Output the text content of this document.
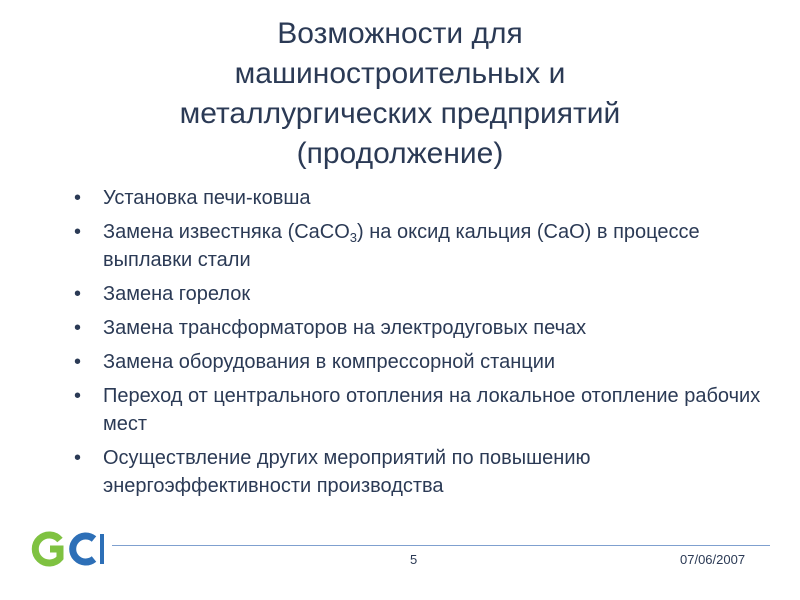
Возможности для
машиностроительных и
металлургических предприятий
(продолжение)
• Установка печи-ковша
• Замена известняка (CaCO$_3$) на оксид кальция (CaO) в процессе выплавки стали
• Замена горелок
• Замена трансформаторов на электродуговых печах
• Замена оборудования в компрессорной станции
• Переход от центрального отопления на локальное отопление рабочих мест
• Осуществление других мероприятий по повышению энергоэффективности производства
5	07/06/2007
